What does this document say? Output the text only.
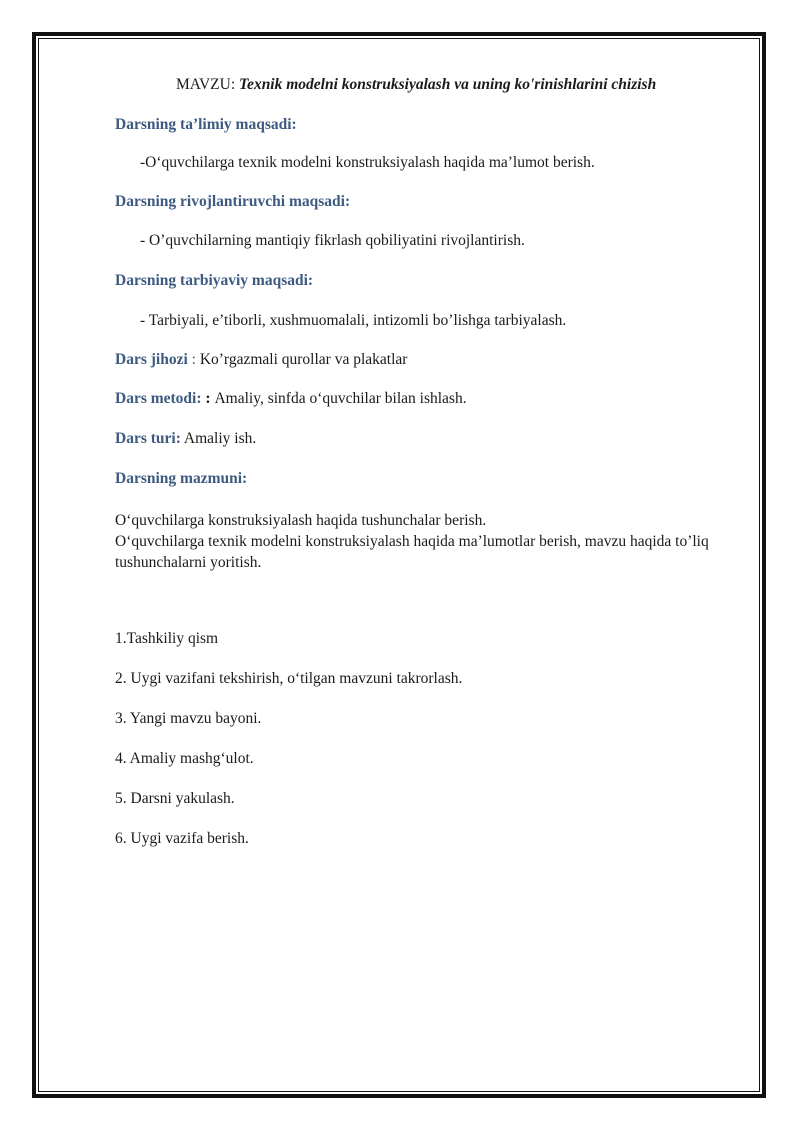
MAVZU: Texnik modelni konstruksiyalash va uning ko'rinishlarini chizish
Darsning ta’limiy maqsadi:
-O‘quvchilarga texnik modelni konstruksiyalash haqida ma’lumot berish.
Darsning rivojlantiruvchi maqsadi:
- O’quvchilarning mantiqiy fikrlash qobiliyatini rivojlantirish.
Darsning tarbiyaviy maqsadi:
- Tarbiyali, e’tiborli, xushmuomalali, intizomli bo’lishga tarbiyalash.
Dars jihozi : Ko’rgazmali qurollar va plakatlar
Dars metodi: : Amaliy, sinfda o‘quvchilar bilan ishlash.
Dars turi: Amaliy ish.
Darsning mazmuni:
O‘quvchilarga konstruksiyalash haqida tushunchalar berish.
O‘quvchilarga texnik modelni konstruksiyalash haqida ma’lumotlar berish, mavzu haqida to’liq
tushunchalarni yoritish.
1.Tashkiliy qism
2. Uygi vazifani tekshirish, o‘tilgan mavzuni takrorlash.
3. Yangi mavzu bayoni.
4. Amaliy mashg‘ulot.
5. Darsni yakulash.
6. Uygi vazifa berish.
